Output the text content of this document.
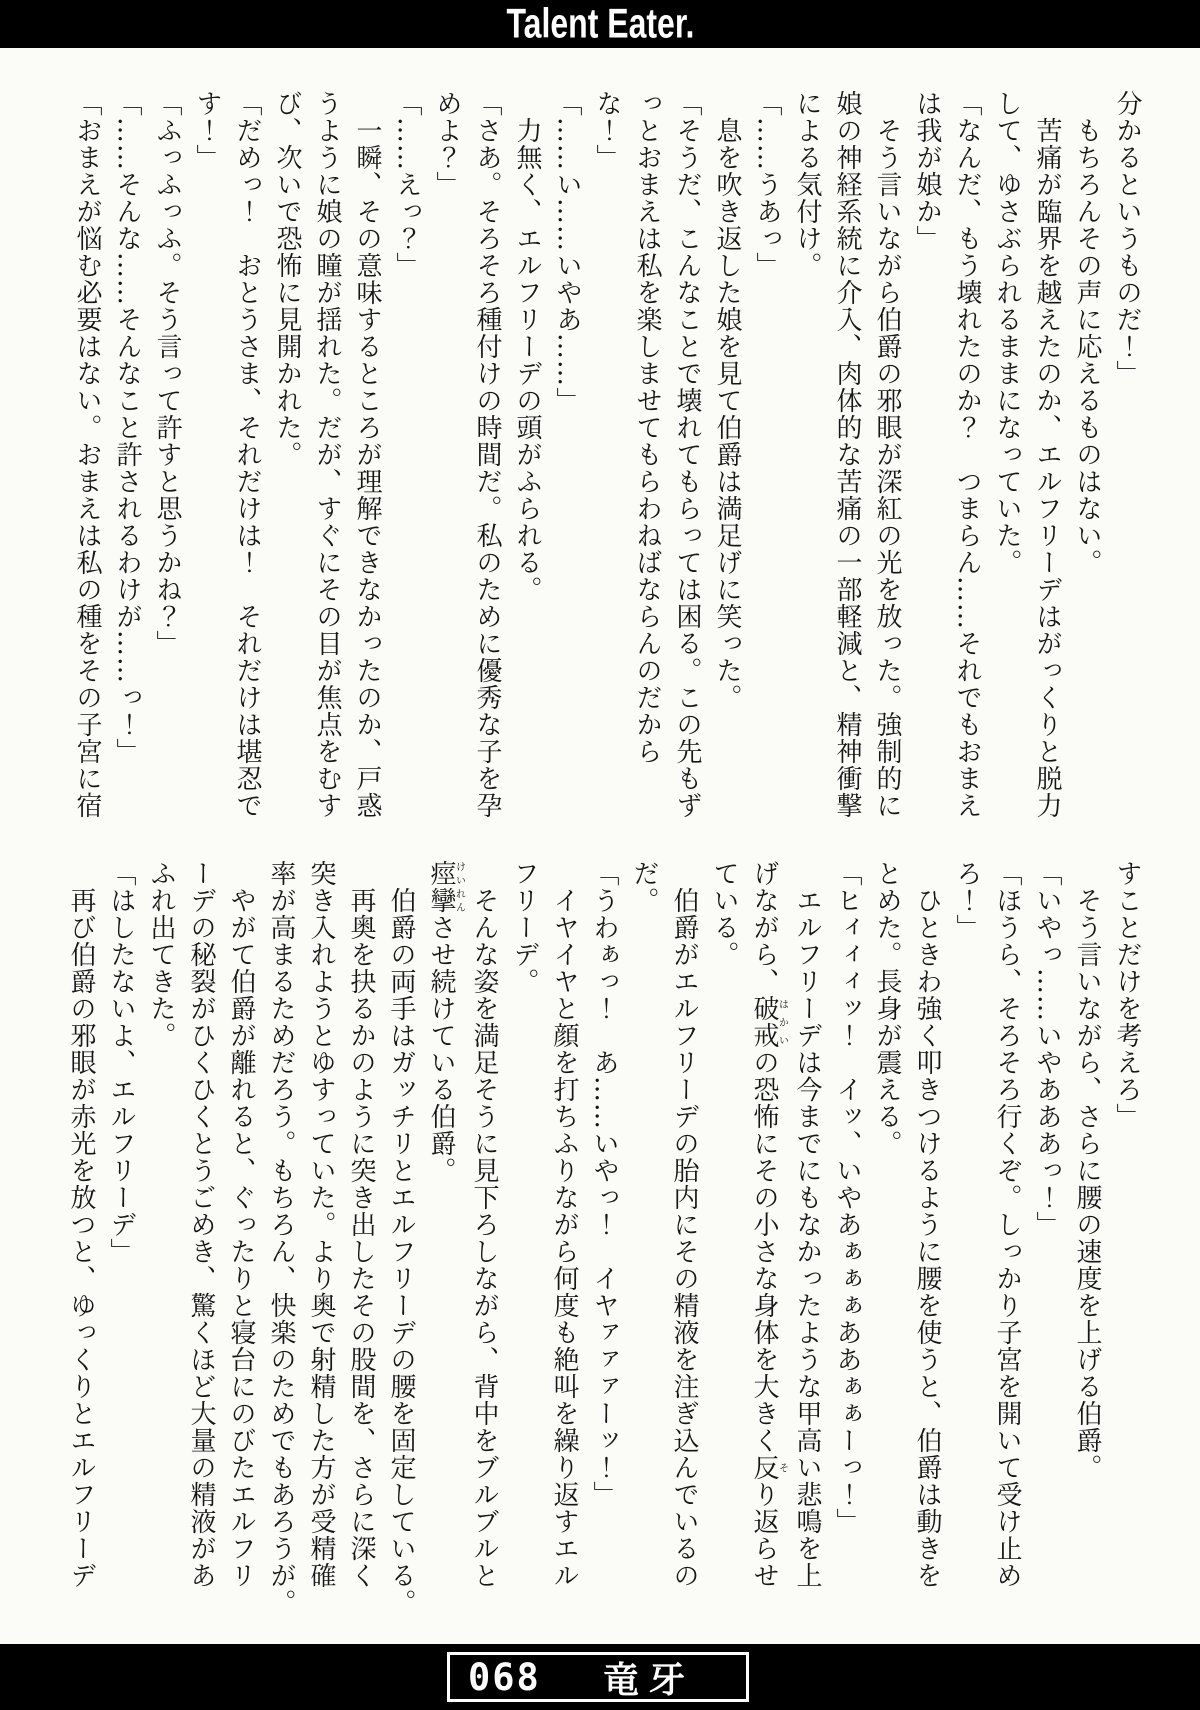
Talent Eater.
分かるというものだ！」
　もちろんその声に応えるものはない。
　苦痛が臨界を越えたのか、エルフリーデはがっくりと脱力
して、ゆさぶられるままになっていた。
「なんだ、もう壊れたのか？　つまらん……それでもおまえ
は我が娘か」
　そう言いながら伯爵の邪眼が深紅の光を放った。強制的に
娘の神経系統に介入、肉体的な苦痛の一部軽減と、精神衝撃
による気付け。
「……うあっ」
　息を吹き返した娘を見て伯爵は満足げに笑った。
「そうだ、こんなことで壊れてもらっては困る。この先もず
っとおまえは私を楽しませてもらわねばならんのだから
な！」
「……い……いやあ……」
　力無く、エルフリーデの頭がふられる。
「さあ。そろそろ種付けの時間だ。私のために優秀な子を孕
めよ？」
「……えっ？」
　一瞬、その意味するところが理解できなかったのか、戸惑
うように娘の瞳が揺れた。だが、すぐにその目が焦点をむす
び、次いで恐怖に見開かれた。
「だめっ！　おとうさま、それだけは！　それだけは堪忍で
す！」
「ふっふっふ。そう言って許すと思うかね？」
「……そんな……そんなこと許されるわけが……っ！」
「おまえが悩む必要はない。おまえは私の種をその子宮に宿
すことだけを考えろ」
　そう言いながら、さらに腰の速度を上げる伯爵。
「いやっ……いやあああっ！」
「ほうら、そろそろ行くぞ。しっかり子宮を開いて受け止め
ろ！」
　ひときわ強く叩きつけるように腰を使うと、伯爵は動きを
とめた。長身が震える。
「ヒィィィッ！　イッ、いやあぁぁぁああぁぁーっ！」
　エルフリーデは今までにもなかったような甲高い悲鳴を上
げながら、破戒はかいの恐怖にその小さな身体を大きく反そり返らせ
ている。
　伯爵がエルフリーデの胎内にその精液を注ぎ込んでいるの
だ。
「うわぁっ！　あ……いやっ！　イヤァァァーッ！」
　イヤイヤと顔を打ちふりながら何度も絶叫を繰り返すエル
フリーデ。
　そんな姿を満足そうに見下ろしながら、背中をブルブルと
痙攣けいれんさせ続けている伯爵。
　伯爵の両手はガッチリとエルフリーデの腰を固定している。
　再奥を抉るかのように突き出したその股間を、さらに深く
突き入れようとゆすっていた。より奥で射精した方が受精確
率が高まるためだろう。もちろん、快楽のためでもあろうが。
　やがて伯爵が離れると、ぐったりと寝台にのびたエルフリ
ーデの秘裂がひくひくとうごめき、驚くほど大量の精液があ
ふれ出てきた。
「はしたないよ、エルフリーデ」
　再び伯爵の邪眼が赤光を放つと、ゆっくりとエルフリーデ
068 竜牙
